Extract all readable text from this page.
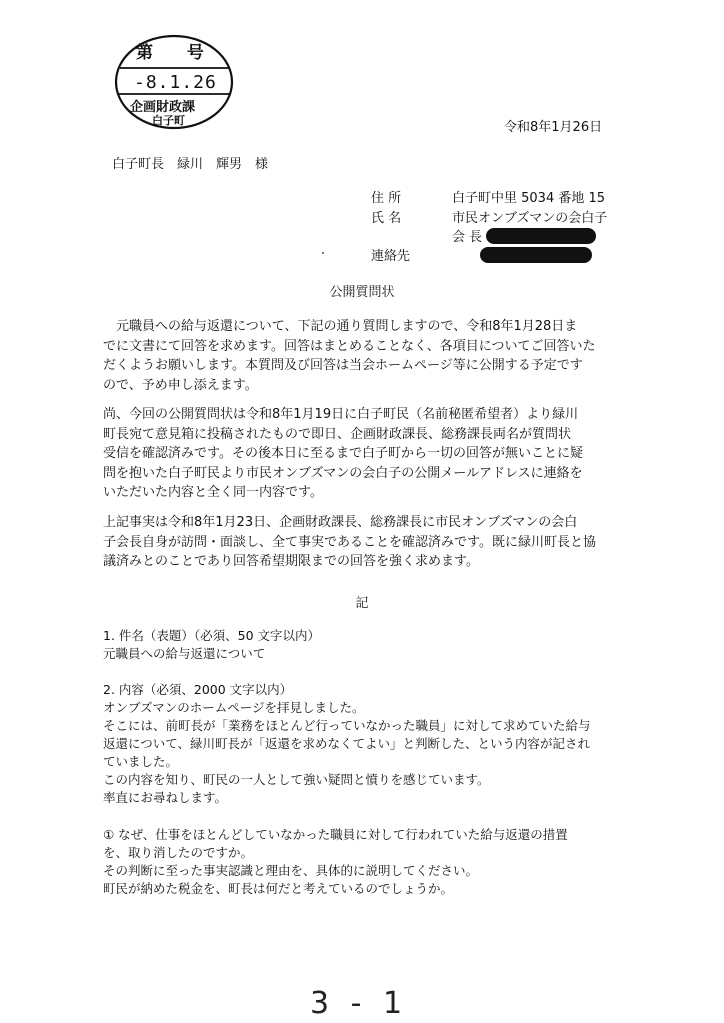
第 号
-8.1.26
企画財政課
白子町	令和8年1月26日
白子町長　緑川　輝男　様
住 所	白子町中里 5034 番地 15
氏 名	市民オンブズマンの会白子
会 長
連絡先
公開質問状

　元職員への給与返還について、下記の通り質問しますので、令和8年1月28日ま
でに文書にて回答を求めます。回答はまとめることなく、各項目についてご回答いた
だくようお願いします。本質問及び回答は当会ホームページ等に公開する予定です
ので、予め申し添えます。

尚、今回の公開質問状は令和8年1月19日に白子町民（名前秘匿希望者）より緑川
町長宛て意見箱に投稿されたもので即日、企画財政課長、総務課長両名が質問状
受信を確認済みです。その後本日に至るまで白子町から一切の回答が無いことに疑
問を抱いた白子町民より市民オンブズマンの会白子の公開メールアドレスに連絡を
いただいた内容と全く同一内容です。

上記事実は令和8年1月23日、企画財政課長、総務課長に市民オンブズマンの会白
子会長自身が訪問・面談し、全て事実であることを確認済みです。既に緑川町長と協
議済みとのことであり回答希望期限までの回答を強く求めます。

記
1. 件名（表題）（必須、50 文字以内）
元職員への給与返還について
2. 内容（必須、2000 文字以内）
オンブズマンのホームページを拝見しました。
そこには、前町長が「業務をほとんど行っていなかった職員」に対して求めていた給与
返還について、緑川町長が「返還を求めなくてよい」と判断した、という内容が記され
ていました。
この内容を知り、町民の一人として強い疑問と憤りを感じています。
率直にお尋ねします。
① なぜ、仕事をほとんどしていなかった職員に対して行われていた給与返還の措置
を、取り消したのですか。
その判断に至った事実認識と理由を、具体的に説明してください。
町民が納めた税金を、町長は何だと考えているのでしょうか。
3 - 1
